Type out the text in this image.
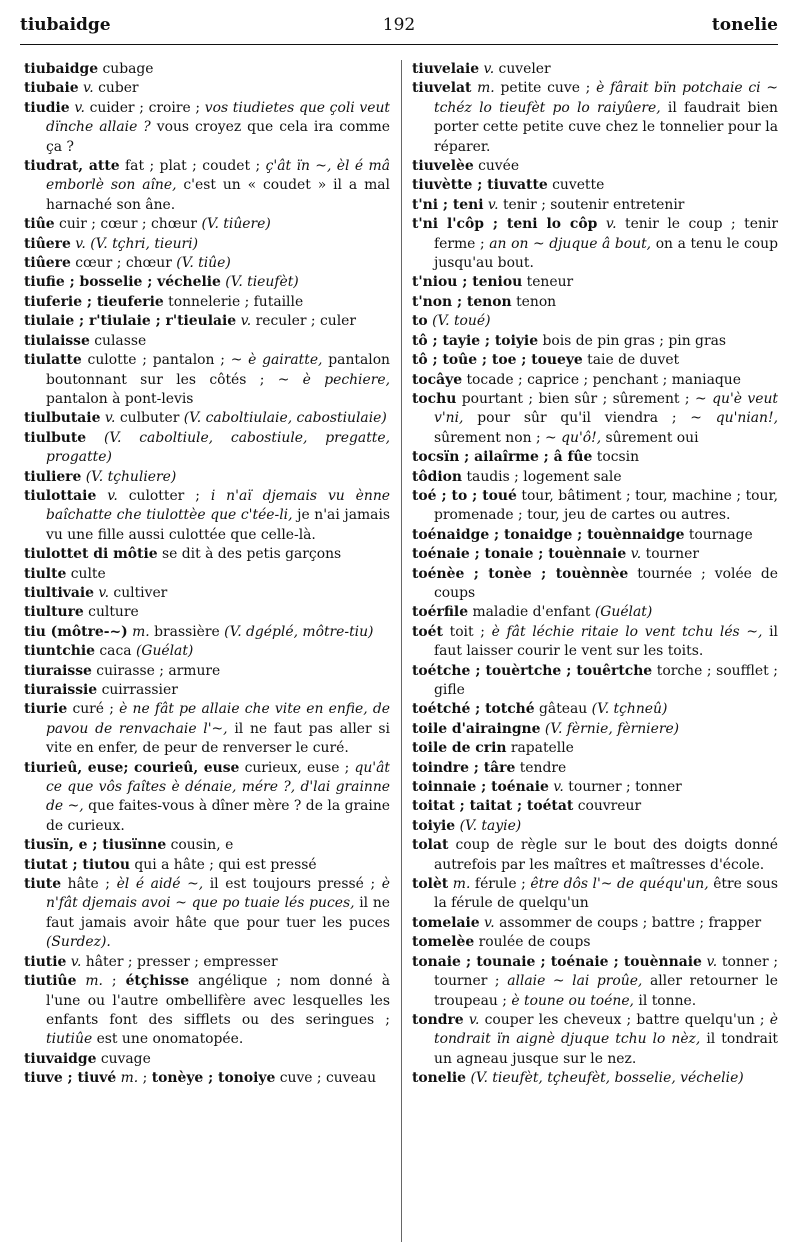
tiubaidge	192	tonelie

tiubaidge cubage

tiubaie v. cuber

tiudie v. cuider ; croire ; vos tiudietes que çoli veut dïnche allaie ? vous croyez que cela ira comme ça ?

tiudrat, atte fat ; plat ; coudet ; ç'ât ïn ~, èl é mâ emborlè son aîne, c'est un « coudet » il a mal harnaché son âne.

tiûe cuir ; cœur ; chœur (V. tiûere)

tiûere v. (V. tçhri, tieuri)

tiûere cœur ; chœur (V. tiûe)

tiufie ; bosselie ; véchelie (V. tieufèt)

tiuferie ; tieuferie tonnelerie ; futaille

tiulaie ; r'tiulaie ; r'tieulaie v. reculer ; culer

tiulaisse culasse

tiulatte culotte ; pantalon ; ~ è gairatte, pantalon boutonnant sur les côtés ; ~ è pechiere, pantalon à pont-levis

tiulbutaie v. culbuter (V. caboltiulaie, cabostiulaie)

tiulbute (V. caboltiule, cabostiule, pregatte, progatte)

tiuliere (V. tçhuliere)

tiulottaie v. culotter ; i n'aï djemais vu ènne baîchatte che tiulottèe que c'tée-li, je n'ai jamais vu une fille aussi culottée que celle-là.

tiulottet di môtie se dit à des petis garçons

tiulte culte

tiultivaie v. cultiver

tiulture culture

tiu (môtre-~) m. brassière (V. dgéplé, môtre-tiu)

tiuntchie caca (Guélat)

tiuraisse cuirasse ; armure

tiuraissie cuirrassier

tiurie curé ; è ne fât pe allaie che vite en enfie, de pavou de renvachaie l'~, il ne faut pas aller si vite en enfer, de peur de renverser le curé.

tiurieû, euse; courieû, euse curieux, euse ; qu'ât ce que vôs faîtes è dénaie, mére ?, d'lai grainne de ~, que faites-vous à dîner mère ? de la graine de curieux.

tiusïn, e ; tiusïnne cousin, e

tiutat ; tiutou qui a hâte ; qui est pressé

tiute hâte ; èl é aidé ~, il est toujours pressé ; è n'fât djemais avoi ~ que po tuaie lés puces, il ne faut jamais avoir hâte que pour tuer les puces (Surdez).

tiutie v. hâter ; presser ; empresser

tiutiûe m. ; étçhisse angélique ; nom donné à l'une ou l'autre ombellifère avec lesquelles les enfants font des sifflets ou des seringues ; tiutiûe est une onomatopée.

tiuvaidge cuvage

tiuve ; tiuvé m. ; tonèye ; tonoiye cuve ; cuveau

tiuvelaie v. cuveler

tiuvelat m. petite cuve ; è fârait bïn potchaie ci ~ tchéz lo tieufèt po lo raiyûere, il faudrait bien porter cette petite cuve chez le tonnelier pour la réparer.

tiuvelèe cuvée

tiuvètte ; tiuvatte cuvette

t'ni ; teni v. tenir ; soutenir entretenir

t'ni l'côp ; teni lo côp v. tenir le coup ; tenir ferme ; an on ~ djuque â bout, on a tenu le coup jusqu'au bout.

t'niou ; teniou teneur

t'non ; tenon tenon

to (V. toué)

tô ; tayie ; toiyie bois de pin gras ; pin gras

tô ; toûe ; toe ; toueye taie de duvet

tocâye tocade ; caprice ; penchant ; maniaque

tochu pourtant ; bien sûr ; sûrement ; ~ qu'è veut v'ni, pour sûr qu'il viendra ; ~ qu'nian!, sûrement non ; ~ qu'ô!, sûrement oui

tocsïn ; ailaîrme ; â fûe tocsin

tôdion taudis ; logement sale

toé ; to ; toué tour, bâtiment ; tour, machine ; tour, promenade ; tour, jeu de cartes ou autres.

toénaidge ; tonaidge ; touènnaidge tournage

toénaie ; tonaie ; touènnaie v. tourner

toénèe ; tonèe ; touènnèe tournée ; volée de coups

toérfile maladie d'enfant (Guélat)

toét toit ; è fât léchie ritaie lo vent tchu lés ~, il faut laisser courir le vent sur les toits.

toétche ; touèrtche ; touêrtche torche ; soufflet ; gifle

toétché ; totché gâteau (V. tçhneû)

toile d'airaingne (V. fèrnie, fèrniere)

toile de crin rapatelle

toindre ; târe tendre

toinnaie ; toénaie v. tourner ; tonner

toitat ; taitat ; toétat couvreur

toiyie (V. tayie)

tolat coup de règle sur le bout des doigts donné autrefois par les maîtres et maîtresses d'école.

tolèt m. férule ; être dôs l'~ de quéqu'un, être sous la férule de quelqu'un

tomelaie v. assommer de coups ; battre ; frapper

tomelèe roulée de coups

tonaie ; tounaie ; toénaie ; touènnaie v. tonner ; tourner ; allaie ~ lai proûe, aller retourner le troupeau ; è toune ou toéne, il tonne.

tondre v. couper les cheveux ; battre quelqu'un ; è tondrait ïn aignè djuque tchu lo nèz, il tondrait un agneau jusque sur le nez.

tonelie (V. tieufèt, tçheufèt, bosselie, véchelie)
